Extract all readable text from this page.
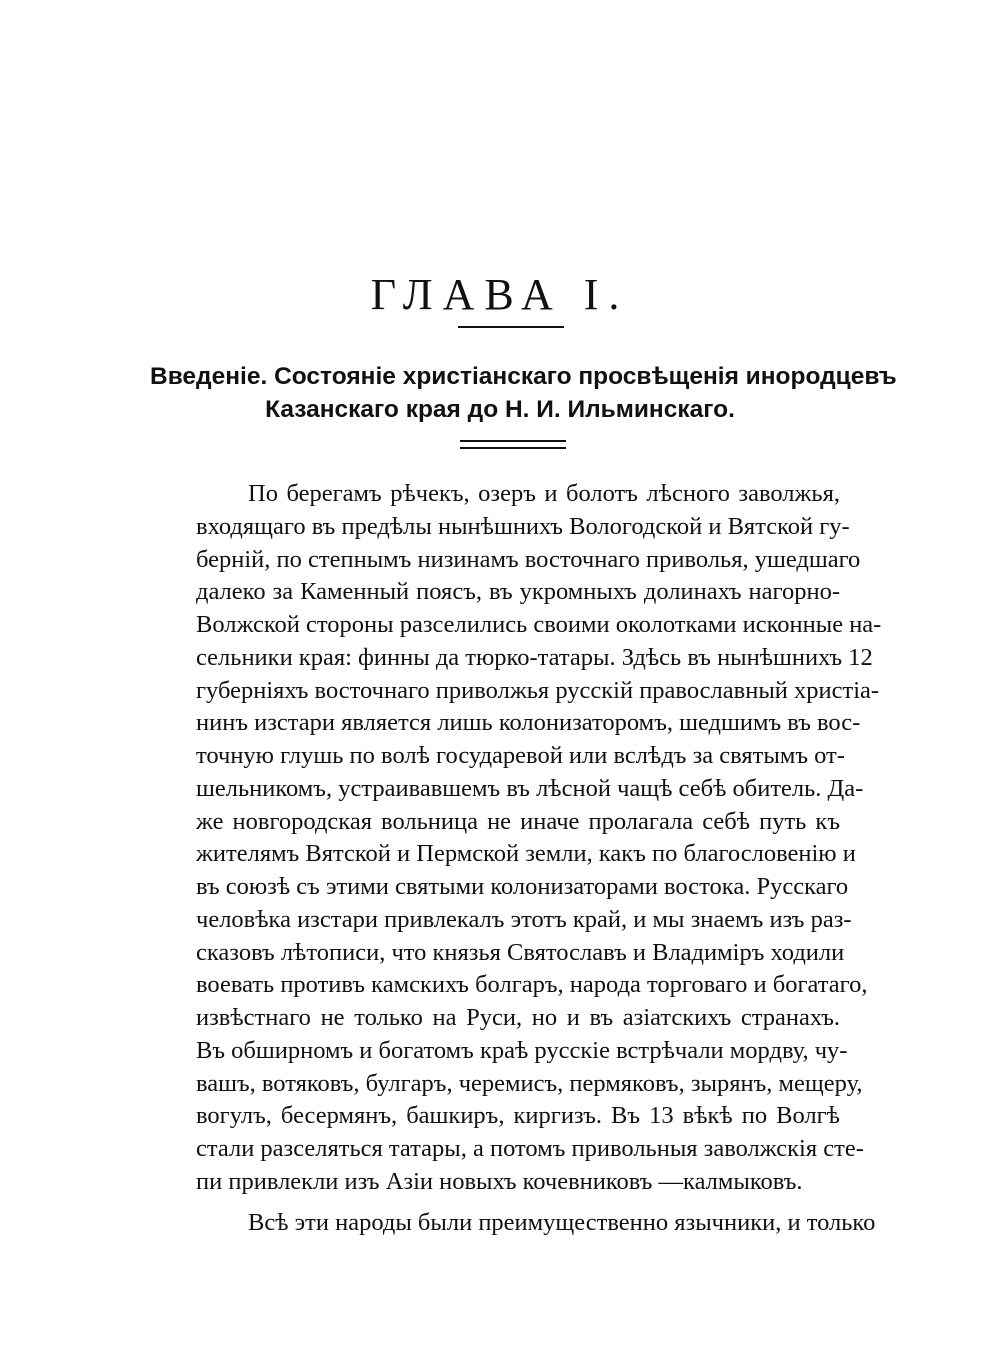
ГЛАВА I.
Введеніе. Состояніе христіанскаго просвѣщенія инородцевъ
Казанскаго края до Н. И. Ильминскаго.
По берегамъ рѣчекъ, озеръ и болотъ лѣсного заволжья,
входящаго въ предѣлы нынѣшнихъ Вологодской и Вятской гу-
берній, по степнымъ низинамъ восточнаго приволья, ушедшаго
далеко за Каменный поясъ, въ укромныхъ долинахъ нагорно-
Волжской стороны разселились своими околотками исконные на-
сельники края: финны да тюрко-татары. Здѣсь въ нынѣшнихъ 12
губерніяхъ восточнаго приволжья русскій православный христіа-
нинъ изстари является лишь колонизаторомъ, шедшимъ въ вос-
точную глушь по волѣ государевой или вслѣдъ за святымъ от-
шельникомъ, устраивавшемъ въ лѣсной чащѣ себѣ обитель. Да-
же новгородская вольница не иначе пролагала себѣ путь къ
жителямъ Вятской и Пермской земли, какъ по благословенію и
въ союзѣ съ этими святыми колонизаторами востока. Русскаго
человѣка изстари привлекалъ этотъ край, и мы знаемъ изъ раз-
сказовъ лѣтописи, что князья Святославъ и Владиміръ ходили
воевать противъ камскихъ болгаръ, народа торговаго и богатаго,
извѣстнаго не только на Руси, но и въ азіатскихъ странахъ.
Въ обширномъ и богатомъ краѣ русскіе встрѣчали мордву, чу-
вашъ, вотяковъ, булгаръ, черемисъ, пермяковъ, зырянъ, мещеру,
вогулъ, бесермянъ, башкиръ, киргизъ. Въ 13 вѣкѣ по Волгѣ
стали разселяться татары, а потомъ привольныя заволжскія сте-
пи привлекли изъ Азіи новыхъ кочевниковъ —калмыковъ.
Всѣ эти народы были преимущественно язычники, и только
